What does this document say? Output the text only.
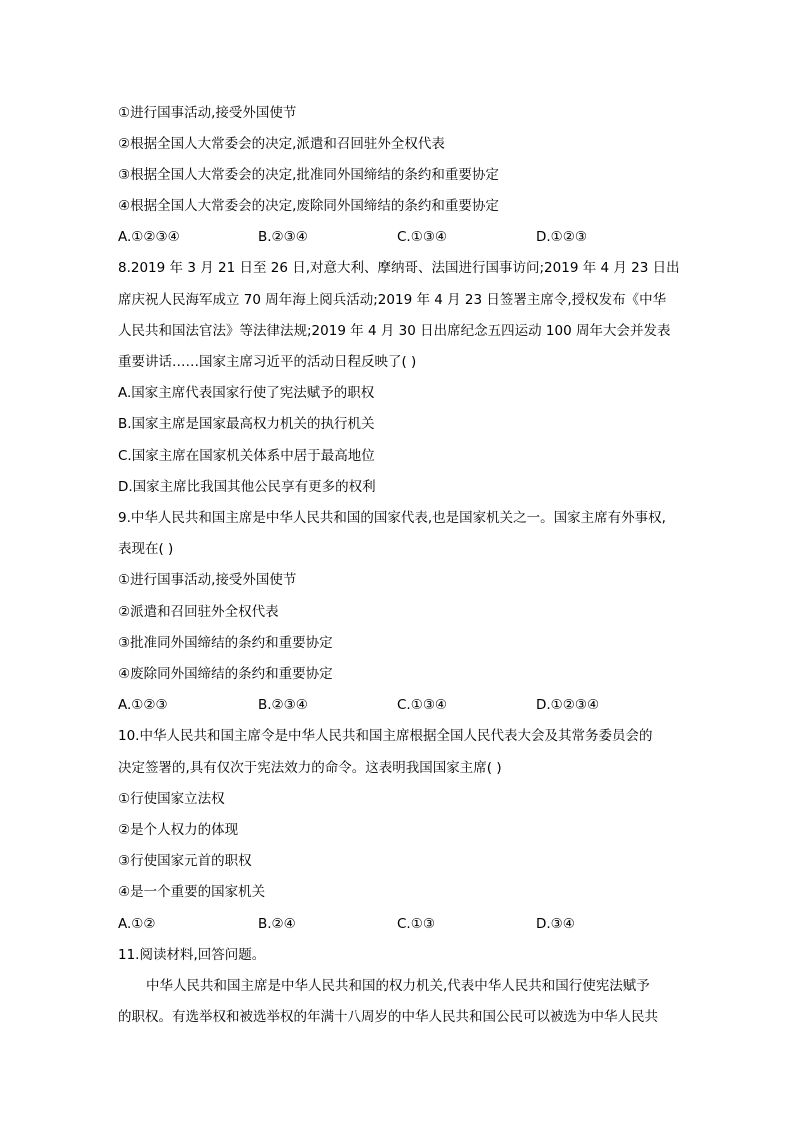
①进行国事活动,接受外国使节
②根据全国人大常委会的决定,派遣和召回驻外全权代表
③根据全国人大常委会的决定,批准同外国缔结的条约和重要协定
④根据全国人大常委会的决定,废除同外国缔结的条约和重要协定
A.①②③④	B.②③④	C.①③④	D.①②③
8.2019 年 3 月 21 日至 26 日,对意大利、摩纳哥、法国进行国事访问;2019 年 4 月 23 日出
席庆祝人民海军成立 70 周年海上阅兵活动;2019 年 4 月 23 日签署主席令,授权发布《中华
人民共和国法官法》等法律法规;2019 年 4 月 30 日出席纪念五四运动 100 周年大会并发表
重要讲话……国家主席习近平的活动日程反映了( )
A.国家主席代表国家行使了宪法赋予的职权
B.国家主席是国家最高权力机关的执行机关
C.国家主席在国家机关体系中居于最高地位
D.国家主席比我国其他公民享有更多的权利
9.中华人民共和国主席是中华人民共和国的国家代表,也是国家机关之一。国家主席有外事权,
表现在( )
①进行国事活动,接受外国使节
②派遣和召回驻外全权代表
③批准同外国缔结的条约和重要协定
④废除同外国缔结的条约和重要协定
A.①②③	B.②③④	C.①③④	D.①②③④
10.中华人民共和国主席令是中华人民共和国主席根据全国人民代表大会及其常务委员会的
决定签署的,具有仅次于宪法效力的命令。这表明我国国家主席( )
①行使国家立法权
②是个人权力的体现
③行使国家元首的职权
④是一个重要的国家机关
A.①②	B.②④	C.①③	D.③④
11.阅读材料,回答问题。
中华人民共和国主席是中华人民共和国的权力机关,代表中华人民共和国行使宪法赋予
的职权。有选举权和被选举权的年满十八周岁的中华人民共和国公民可以被选为中华人民共
